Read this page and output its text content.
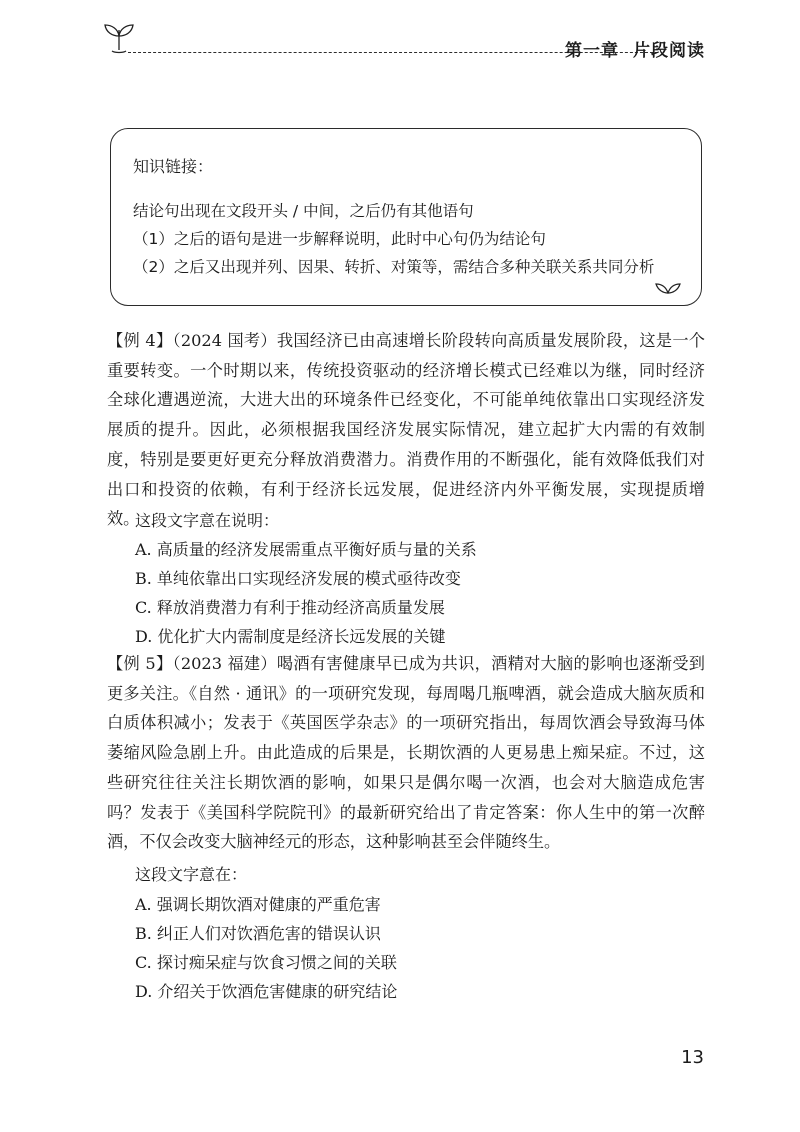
第一章 片段阅读
知识链接：
结论句出现在文段开头 / 中间，之后仍有其他语句
（1）之后的语句是进一步解释说明，此时中心句仍为结论句
（2）之后又出现并列、因果、转折、对策等，需结合多种关联关系共同分析

【例 4】（2024 国考）我国经济已由高速增长阶段转向高质量发展阶段，这是一个重要转变。一个时期以来，传统投资驱动的经济增长模式已经难以为继，同时经济全球化遭遇逆流，大进大出的环境条件已经变化，不可能单纯依靠出口实现经济发展质的提升。因此，必须根据我国经济发展实际情况，建立起扩大内需的有效制度，特别是要更好更充分释放消费潜力。消费作用的不断强化，能有效降低我们对出口和投资的依赖，有利于经济长远发展，促进经济内外平衡发展，实现提质增效。

这段文字意在说明：
A. 高质量的经济发展需重点平衡好质与量的关系
B. 单纯依靠出口实现经济发展的模式亟待改变
C. 释放消费潜力有利于推动经济高质量发展
D. 优化扩大内需制度是经济长远发展的关键

【例 5】（2023 福建）喝酒有害健康早已成为共识，酒精对大脑的影响也逐渐受到更多关注。《自然 · 通讯》的一项研究发现，每周喝几瓶啤酒，就会造成大脑灰质和白质体积减小；发表于《英国医学杂志》的一项研究指出，每周饮酒会导致海马体萎缩风险急剧上升。由此造成的后果是，长期饮酒的人更易患上痴呆症。不过，这些研究往往关注长期饮酒的影响，如果只是偶尔喝一次酒，也会对大脑造成危害吗？发表于《美国科学院院刊》的最新研究给出了肯定答案：你人生中的第一次醉酒，不仅会改变大脑神经元的形态，这种影响甚至会伴随终生。

这段文字意在：
A. 强调长期饮酒对健康的严重危害
B. 纠正人们对饮酒危害的错误认识
C. 探讨痴呆症与饮食习惯之间的关联
D. 介绍关于饮酒危害健康的研究结论
13
